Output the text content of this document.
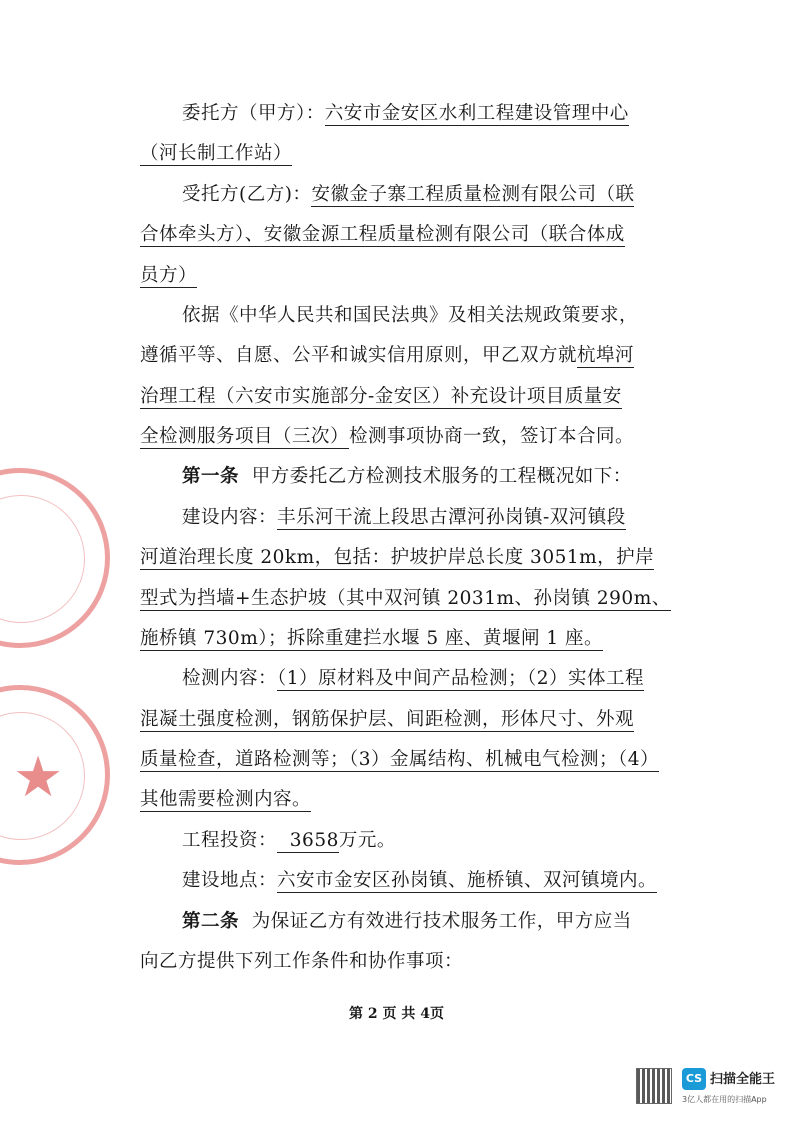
★
委托方（甲方）：六安市金安区水利工程建设管理中心
（河长制工作站）
受托方(乙方)：安徽金子寨工程质量检测有限公司（联
合体牵头方）、安徽金源工程质量检测有限公司（联合体成
员方）
依据《中华人民共和国民法典》及相关法规政策要求，
遵循平等、自愿、公平和诚实信用原则，甲乙双方就杭埠河
治理工程（六安市实施部分-金安区）补充设计项目质量安
全检测服务项目（三次）检测事项协商一致，签订本合同。
第一条 甲方委托乙方检测技术服务的工程概况如下：
建设内容：丰乐河干流上段思古潭河孙岗镇-双河镇段
河道治理长度 20km，包括：护坡护岸总长度 3051m，护岸
型式为挡墙+生态护坡（其中双河镇 2031m、孙岗镇 290m、
施桥镇 730m）；拆除重建拦水堰 5 座、黄堰闸 1 座。
检测内容：（1）原材料及中间产品检测；（2）实体工程
混凝土强度检测，钢筋保护层、间距检测，形体尺寸、外观
质量检查，道路检测等；（3）金属结构、机械电气检测；（4）
其他需要检测内容。
工程投资： 3658万元。
建设地点：六安市金安区孙岗镇、施桥镇、双河镇境内。
第二条 为保证乙方有效进行技术服务工作，甲方应当
向乙方提供下列工作条件和协作事项：
第 2 页 共 4页
CS 扫描全能王
3亿人都在用的扫描App
